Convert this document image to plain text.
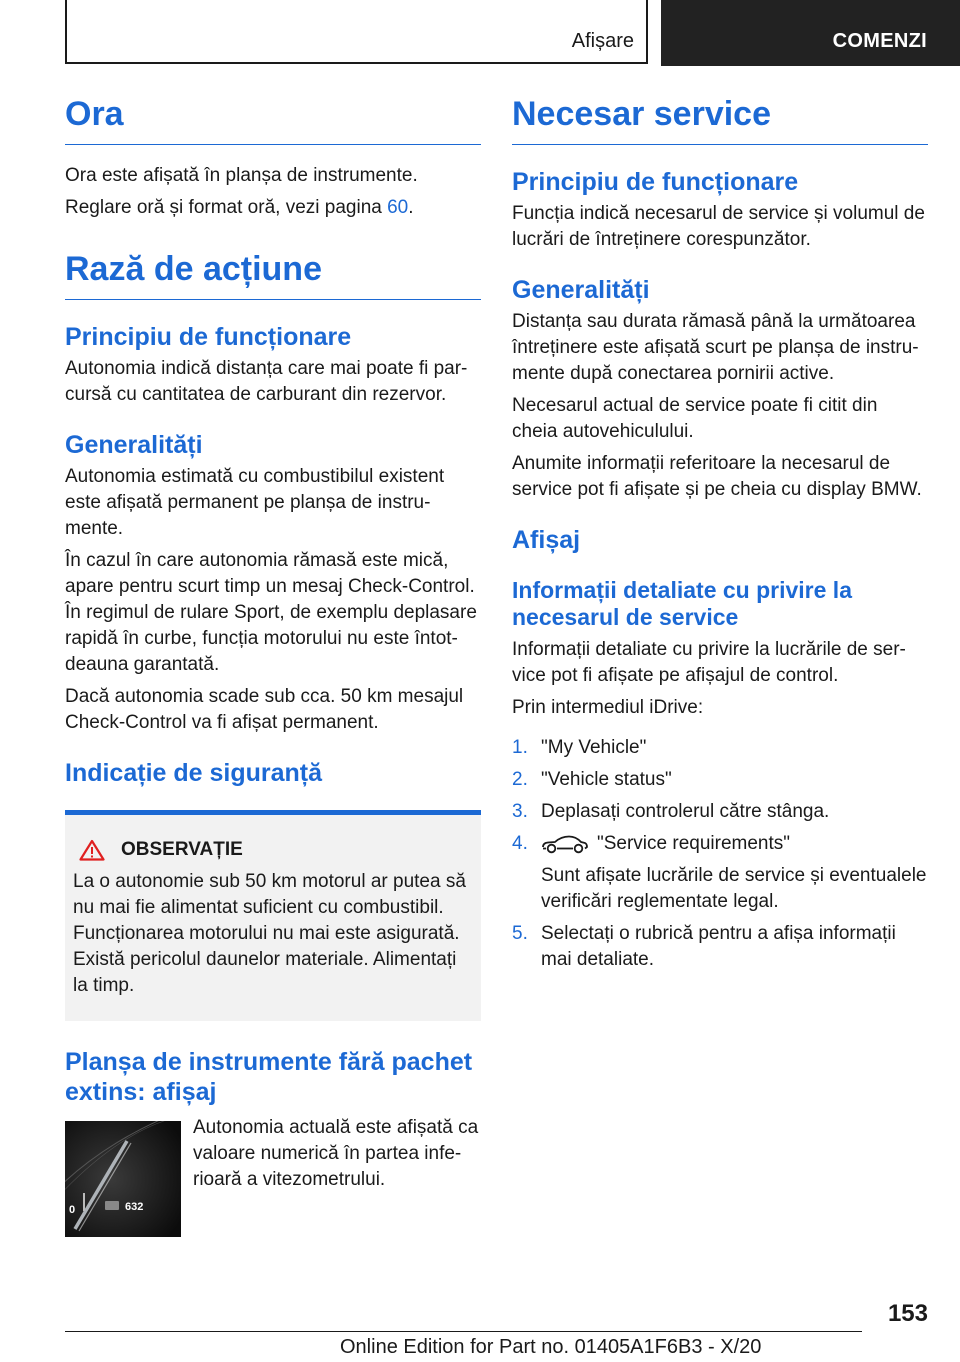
Afișare	COMENZI
Ora

Ora este afișată în planșa de instrumente.

Reglare oră și format oră, vezi pagina 60.

Rază de acțiune
Principiu de funcționare

Autonomia indică distanța care mai poate fi par-cursă cu cantitatea de carburant din rezervor.

Generalități

Autonomia estimată cu combustibilul existent este afișată permanent pe planșa de instru-mente.

În cazul în care autonomia rămasă este mică, apare pentru scurt timp un mesaj Check-Control. În regimul de rulare Sport, de exemplu deplasare rapidă în curbe, funcția motorului nu este întot-deauna garantată.

Dacă autonomia scade sub cca. 50 km mesajul Check-Control va fi afișat permanent.

Indicație de siguranță
OBSERVAȚIE

La o autonomie sub 50 km motorul ar putea să nu mai fie alimentat suficient cu combustibil. Funcționarea motorului nu mai este asigurată. Există pericolul daunelor materiale. Alimentați la timp.

Planșa de instrumente fără pachet extins: afișaj
0	632

Autonomia actuală este afișată ca valoare numerică în partea infe-rioară a vitezometrului.

Necesar service
Principiu de funcționare

Funcția indică necesarul de service și volumul de lucrări de întreținere corespunzător.

Generalități

Distanța sau durata rămasă până la următoarea întreținere este afișată scurt pe planșa de instru-mente după conectarea pornirii active.

Necesarul actual de service poate fi citit din cheia autovehiculului.

Anumite informații referitoare la necesarul de service pot fi afișate și pe cheia cu display BMW.

Afișaj
Informații detaliate cu privire la necesarul de service

Informații detaliate cu privire la lucrările de ser-vice pot fi afișate pe afișajul de control.

Prin intermediul iDrive:

1. "My Vehicle"
2. "Vehicle status"
3. Deplasați controlerul către stânga.
4.	"Service requirements"

Sunt afișate lucrările de service și eventualele verificări reglementate legal.

5. Selectați o rubrică pentru a afișa informații mai detaliate.
153
Online Edition for Part no. 01405A1F6B3 - X/20
